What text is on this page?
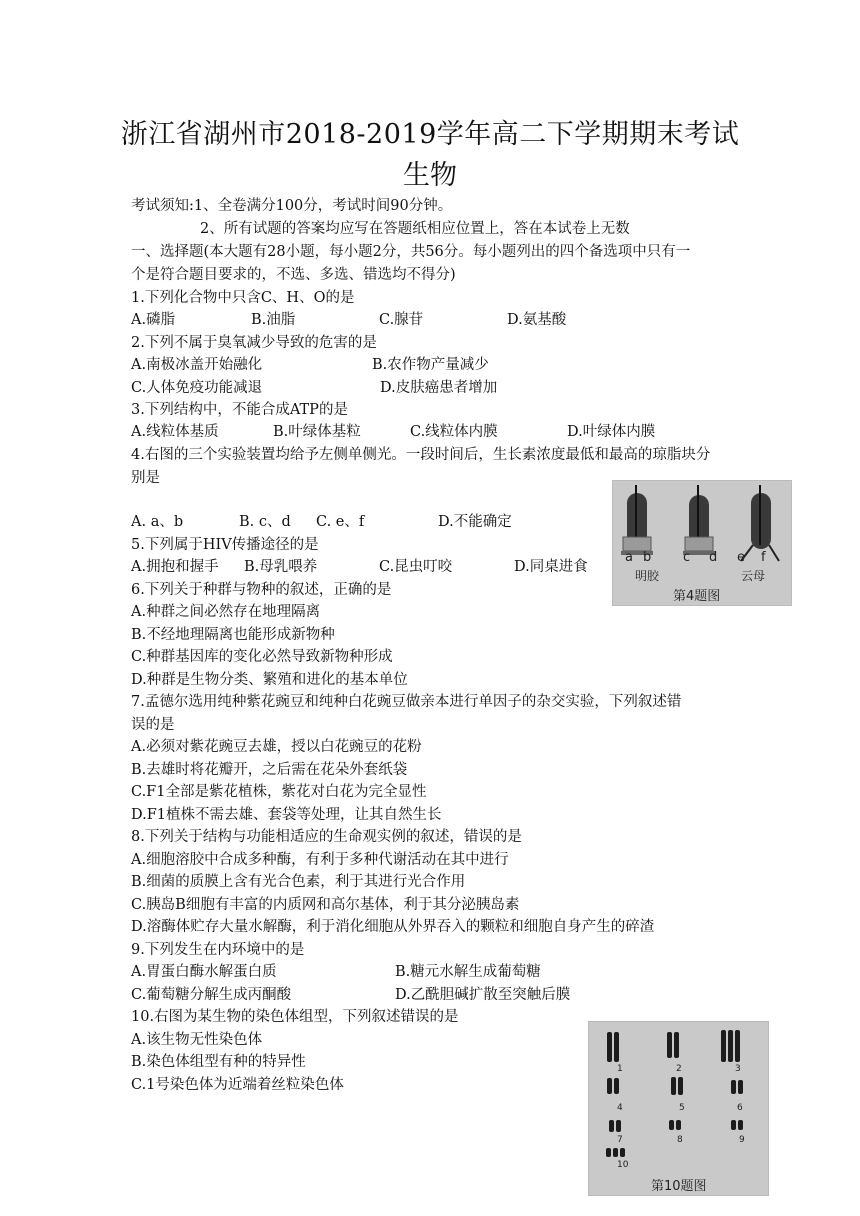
浙江省湖州市2018-2019学年高二下学期期末考试
生物
考试须知:1、全卷满分100分，考试时间90分钟。
2、所有试题的答案均应写在答题纸相应位置上，答在本试卷上无数
一、选择题(本大题有28小题，每小题2分，共56分。每小题列出的四个备选项中只有一
个是符合题目要求的，不选、多选、错选均不得分)
1.下列化合物中只含C、H、O的是
A.磷脂	B.油脂	C.腺苷	D.氨基酸
2.下列不属于臭氧减少导致的危害的是
A.南极冰盖开始融化	B.农作物产量减少
C.人体免疫功能减退	D.皮肤癌患者增加
3.下列结构中，不能合成ATP的是
A.线粒体基质	B.叶绿体基粒	C.线粒体内膜	D.叶绿体内膜
4.右图的三个实验装置均给予左侧单侧光。一段时间后，生长素浓度最低和最高的琼脂块分
别是
A. a、b	B. c、d C. e、f	D.不能确定
5.下列属于HIV传播途径的是
A.拥抱和握手 B.母乳喂养	C.昆虫叮咬	D.同桌进食
6.下列关于种群与物种的叙述，正确的是
A.种群之间必然存在地理隔离
B.不经地理隔离也能形成新物种
C.种群基因库的变化必然导致新物种形成
D.种群是生物分类、繁殖和进化的基本单位
7.孟德尔选用纯种紫花豌豆和纯种白花豌豆做亲本进行单因子的杂交实验，下列叙述错
误的是
A.必须对紫花豌豆去雄，授以白花豌豆的花粉
B.去雄时将花瓣开，之后需在花朵外套纸袋
C.F1全部是紫花植株，紫花对白花为完全显性
D.F1植株不需去雄、套袋等处理，让其自然生长
8.下列关于结构与功能相适应的生命观实例的叙述，错误的是
A.细胞溶胶中合成多种酶，有利于多种代谢活动在其中进行
B.细菌的质膜上含有光合色素，利于其进行光合作用
C.胰岛B细胞有丰富的内质网和高尔基体，利于其分泌胰岛素
D.溶酶体贮存大量水解酶，利于消化细胞从外界吞入的颗粒和细胞自身产生的碎渣
9.下列发生在内环境中的是
A.胃蛋白酶水解蛋白质	B.糖元水解生成葡萄糖
C.葡萄糖分解生成丙酮酸	D.乙酰胆碱扩散至突触后膜
10.右图为某生物的染色体组型，下列叙述错误的是
A.该生物无性染色体
B.染色体组型有种的特异性
C.1号染色体为近端着丝粒染色体
a b c d e f
明胶	云母
第4题图
1	2	3
4	5	6
7	8	9
10
第10题图
